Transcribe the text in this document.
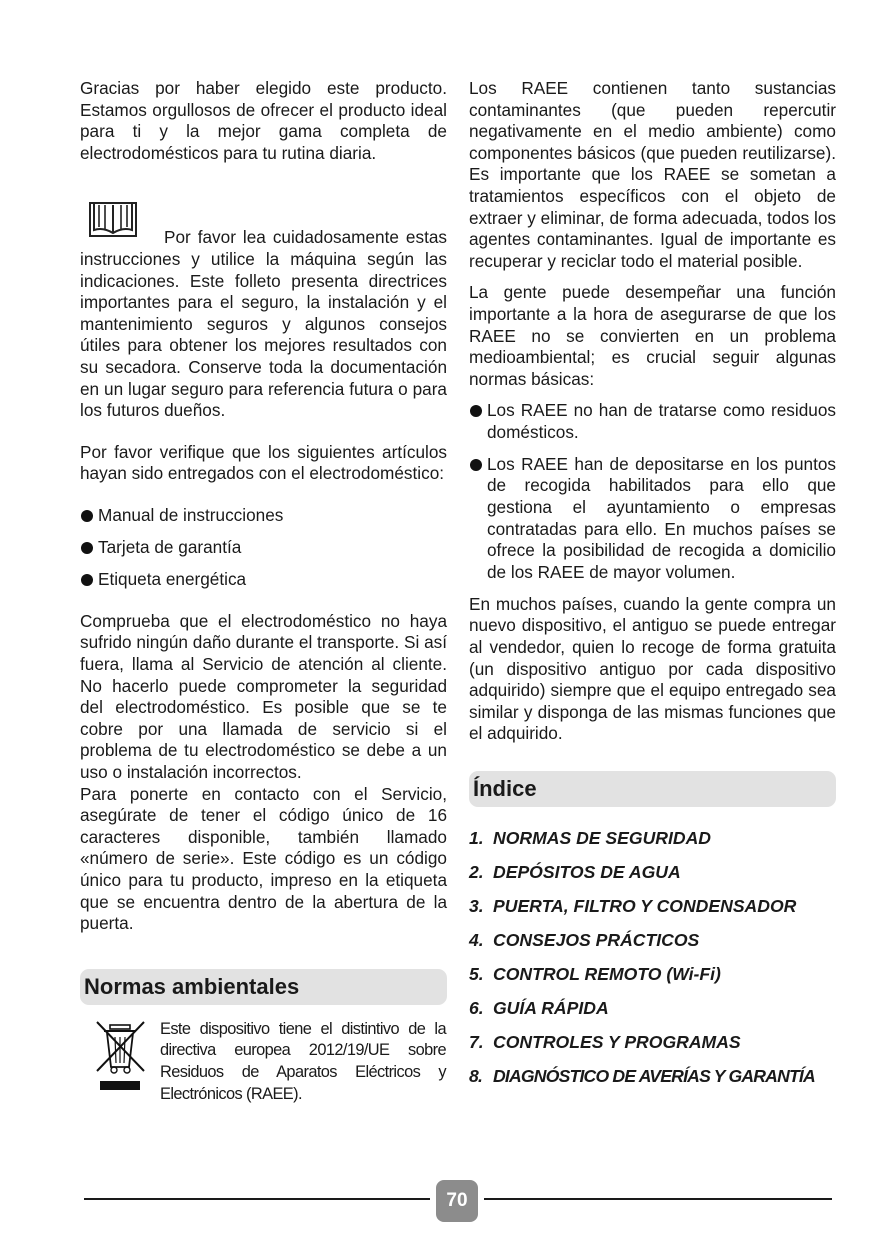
Gracias por haber elegido este producto. Estamos orgullosos de ofrecer el producto ideal para ti y la mejor gama completa de electrodomésticos para tu rutina diaria.

Por favor lea cuidadosamente estas instrucciones y utilice la máquina según las indicaciones. Este folleto presenta directrices importantes para el seguro, la instalación y el mantenimiento seguros y algunos consejos útiles para obtener los mejores resultados con su secadora. Conserve toda la documentación en un lugar seguro para referencia futura o para los futuros dueños.

Por favor verifique que los siguientes artículos hayan sido entregados con el electrodoméstico:

Manual de instrucciones
Tarjeta de garantía
Etiqueta energética

Comprueba que el electrodoméstico no haya sufrido ningún daño durante el transporte. Si así fuera, llama al Servicio de atención al cliente. No hacerlo puede comprometer la seguridad del electrodoméstico. Es posible que se te cobre por una llamada de servicio si el problema de tu electrodoméstico se debe a un uso o instalación incorrectos.

Para ponerte en contacto con el Servicio, asegúrate de tener el código único de 16 caracteres disponible, también llamado «número de serie». Este código es un código único para tu producto, impreso en la etiqueta que se encuentra dentro de la abertura de la puerta.

Normas ambientales
Este dispositivo tiene el distintivo de la directiva europea 2012/19/UE sobre Residuos de Aparatos Eléctricos y Electrónicos (RAEE).

Los RAEE contienen tanto sustancias contaminantes (que pueden repercutir negativamente en el medio ambiente) como componentes básicos (que pueden reutilizarse). Es importante que los RAEE se sometan a tratamientos específicos con el objeto de extraer y eliminar, de forma adecuada, todos los agentes contaminantes. Igual de importante es recuperar y reciclar todo el material posible.

La gente puede desempeñar una función importante a la hora de asegurarse de que los RAEE no se convierten en un problema medioambiental; es crucial seguir algunas normas básicas:

Los RAEE no han de tratarse como residuos domésticos.
Los RAEE han de depositarse en los puntos de recogida habilitados para ello que gestiona el ayuntamiento o empresas contratadas para ello. En muchos países se ofrece la posibilidad de recogida a domicilio de los RAEE de mayor volumen.

En muchos países, cuando la gente compra un nuevo dispositivo, el antiguo se puede entregar al vendedor, quien lo recoge de forma gratuita (un dispositivo antiguo por cada dispositivo adquirido) siempre que el equipo entregado sea similar y disponga de las mismas funciones que el adquirido.

Índice
1. NORMAS DE SEGURIDAD
2. DEPÓSITOS DE AGUA
3. PUERTA, FILTRO Y CONDENSADOR
4. CONSEJOS PRÁCTICOS
5. CONTROL REMOTO (Wi-Fi)
6. GUÍA RÁPIDA
7. CONTROLES Y PROGRAMAS
8. DIAGNÓSTICO DE AVERÍAS Y GARANTÍA
70
